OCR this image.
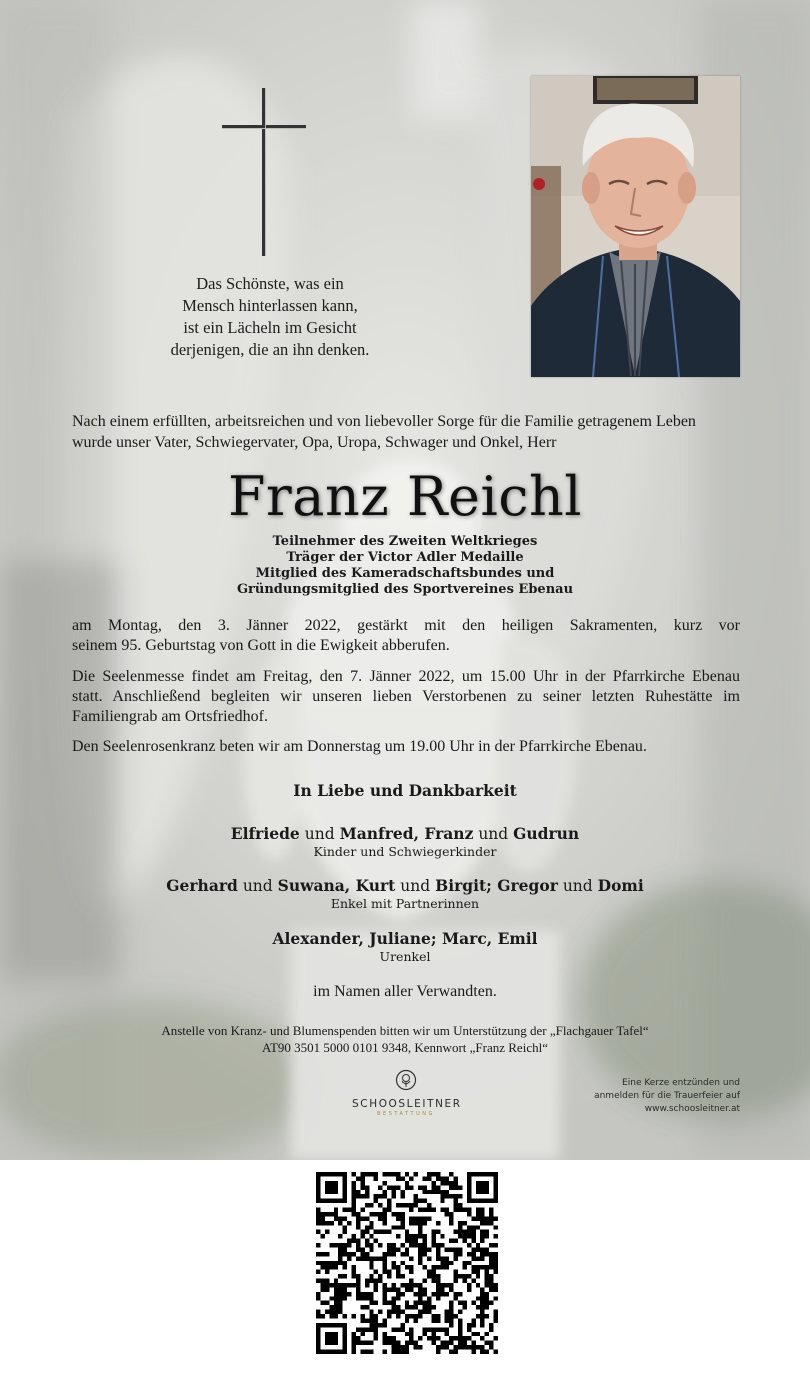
Das Schönste, was ein
Mensch hinterlassen kann,
ist ein Lächeln im Gesicht
derjenigen, die an ihn denken.
Nach einem erfüllten, arbeitsreichen und von liebevoller Sorge für die Familie getragenem Leben
wurde unser Vater, Schwiegervater, Opa, Uropa, Schwager und Onkel, Herr
Franz Reichl
Teilnehmer des Zweiten Weltkrieges
Träger der Victor Adler Medaille
Mitglied des Kameradschaftsbundes und
Gründungsmitglied des Sportvereines Ebenau
am Montag, den 3. Jänner 2022, gestärkt mit den heiligen Sakramenten, kurz vor
seinem 95. Geburtstag von Gott in die Ewigkeit abberufen.
Die Seelenmesse findet am Freitag, den 7. Jänner 2022, um 15.00 Uhr in der Pfarrkirche Ebenau
statt. Anschließend begleiten wir unseren lieben Verstorbenen zu seiner letzten Ruhestätte im
Familiengrab am Ortsfriedhof.
Den Seelenrosenkranz beten wir am Donnerstag um 19.00 Uhr in der Pfarrkirche Ebenau.
In Liebe und Dankbarkeit
Elfriede und Manfred, Franz und Gudrun
Kinder und Schwiegerkinder
Gerhard und Suwana, Kurt und Birgit; Gregor und Domi
Enkel mit Partnerinnen
Alexander, Juliane; Marc, Emil
Urenkel
im Namen aller Verwandten.
Anstelle von Kranz- und Blumenspenden bitten wir um Unterstützung der „Flachgauer Tafel“
AT90 3501 5000 0101 9348, Kennwort „Franz Reichl“
SCHOOSLEITNER
BESTATTUNG
Eine Kerze entzünden und
anmelden für die Trauerfeier auf
www.schoosleitner.at
